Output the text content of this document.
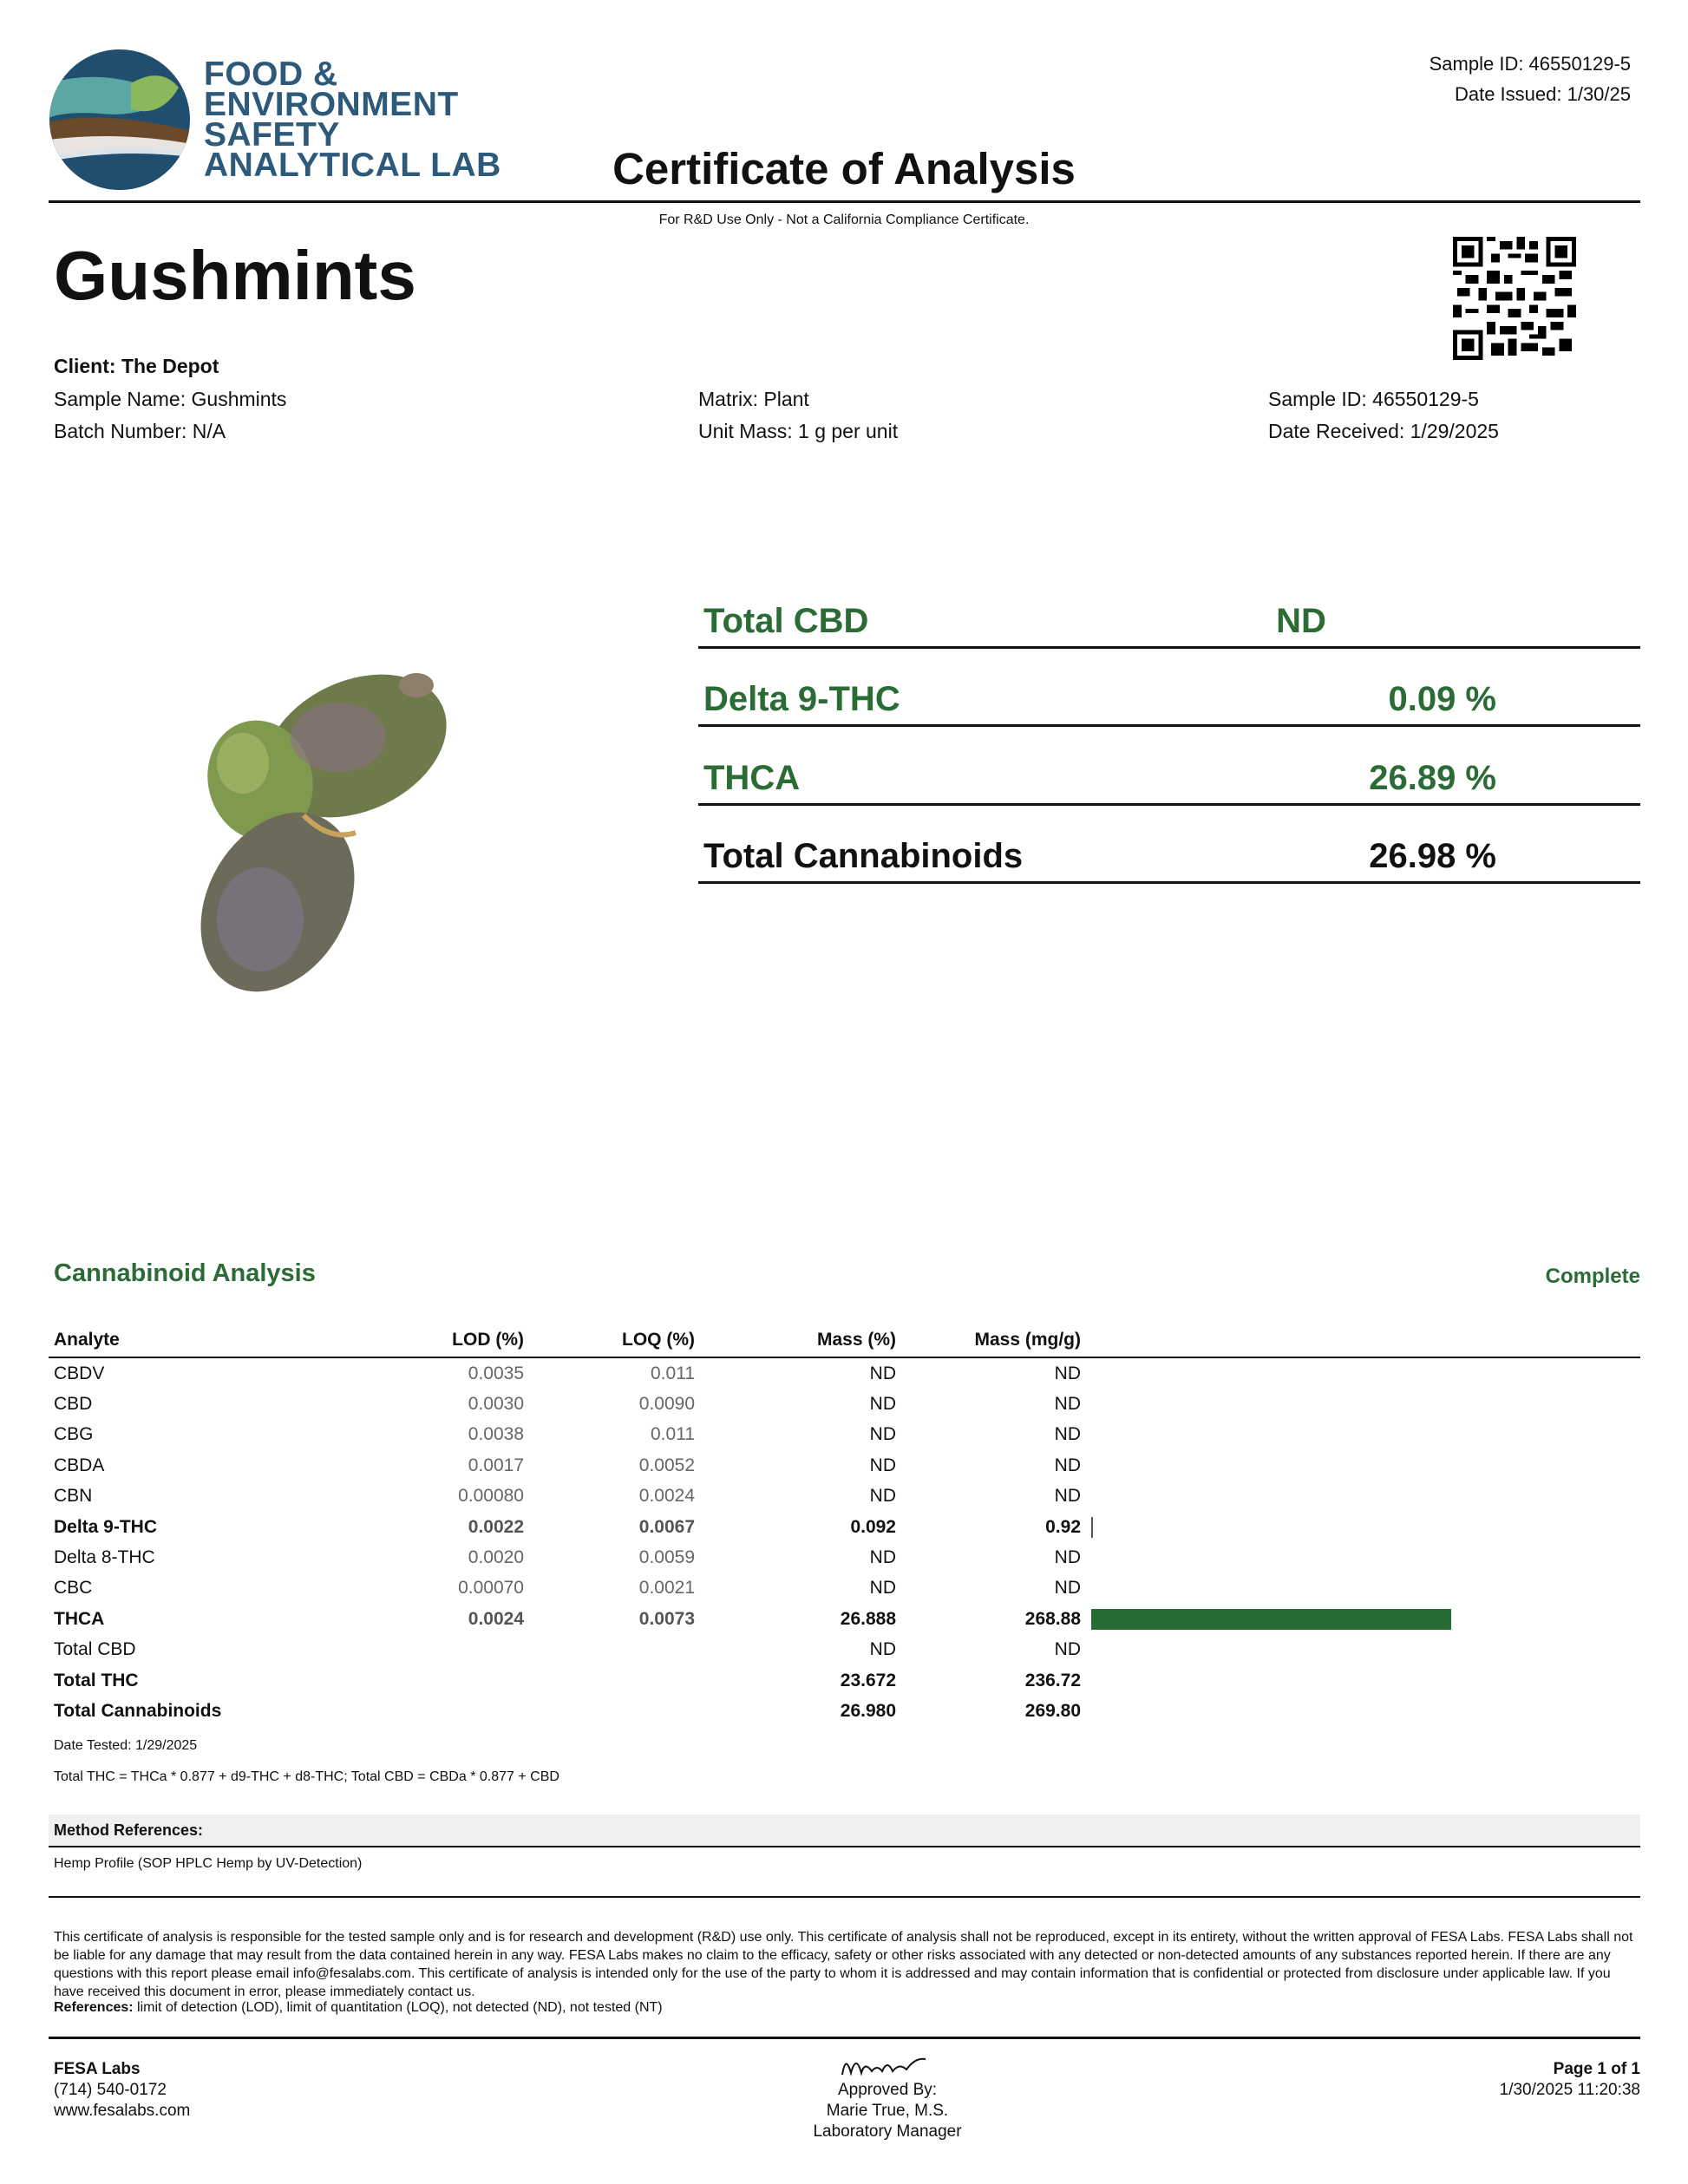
FOOD &
ENVIRONMENT
SAFETY
ANALYTICAL LAB
Sample ID: 46550129-5
Date Issued: 1/30/25
Certificate of Analysis
For R&D Use Only - Not a California Compliance Certificate.
Gushmints
Client: The Depot
Sample Name: Gushmints
Batch Number: N/A
Matrix: Plant
Unit Mass: 1 g per unit
Sample ID: 46550129-5
Date Received: 1/29/2025
Total CBD	ND
Delta 9-THC	0.09 %
THCA	26.89 %
Total Cannabinoids	26.98 %
Cannabinoid Analysis	Complete
Analyte	LOD (%)	LOQ (%)	Mass (%)	Mass (mg/g)	
CBDV	0.0035	0.011	ND	ND	
CBD	0.0030	0.0090	ND	ND	
CBG	0.0038	0.011	ND	ND	
CBDA	0.0017	0.0052	ND	ND	
CBN	0.00080	0.0024	ND	ND	
Delta 9-THC	0.0022	0.0067	0.092	0.92	

Delta 8-THC	0.0020	0.0059	ND	ND	
CBC	0.00070	0.0021	ND	ND	
THCA	0.0024	0.0073	26.888	268.88	

Total CBD			ND	ND	
Total THC			23.672	236.72	
Total Cannabinoids			26.980	269.80	
Date Tested: 1/29/2025
Total THC = THCa * 0.877 + d9-THC + d8-THC; Total CBD = CBDa * 0.877 + CBD
Method References:
Hemp Profile (SOP HPLC Hemp by UV-Detection)
This certificate of analysis is responsible for the tested sample only and is for research and development (R&D) use only. This certificate of analysis shall not be reproduced, except in its entirety, without the written approval of FESA Labs. FESA Labs shall not be liable for any damage that may result from the data contained herein in any way. FESA Labs makes no claim to the efficacy, safety or other risks associated with any detected or non-detected amounts of any substances reported herein. If there are any questions with this report please email info@fesalabs.com. This certificate of analysis is intended only for the use of the party to whom it is addressed and may contain information that is confidential or protected from disclosure under applicable law. If you have received this document in error, please immediately contact us.
References: limit of detection (LOD), limit of quantitation (LOQ), not detected (ND), not tested (NT)
FESA Labs
(714) 540-0172
www.fesalabs.com
Approved By:
Marie True, M.S.
Laboratory Manager
Page 1 of 1
1/30/2025 11:20:38
